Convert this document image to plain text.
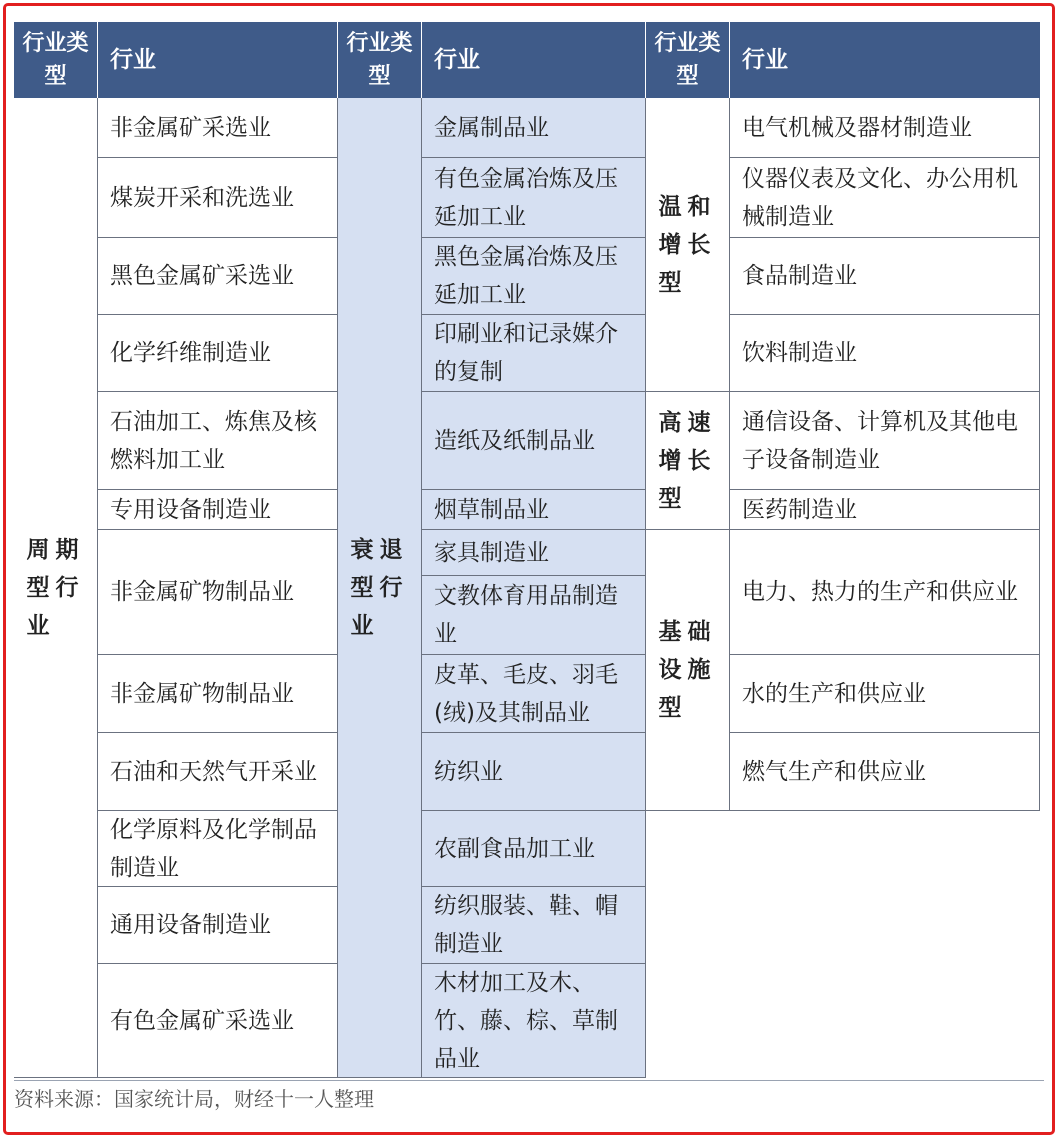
行业类型
行业
行业类型
行业
行业类型
行业
周期型行业
非金属矿采选业
煤炭开采和洗选业
黑色金属矿采选业
化学纤维制造业
石油加工、炼焦及核燃料加工业
专用设备制造业
非金属矿物制品业
非金属矿物制品业
石油和天然气开采业
化学原料及化学制品制造业
通用设备制造业
有色金属矿采选业
衰退型行业
金属制品业
有色金属冶炼及压延加工业
黑色金属冶炼及压延加工业
印刷业和记录媒介的复制
造纸及纸制品业
烟草制品业
家具制造业
文教体育用品制造业
皮革、毛皮、羽毛(绒)及其制品业
纺织业
农副食品加工业
纺织服装、鞋、帽制造业
木材加工及木、竹、藤、棕、草制品业
温和增长型
高速增长型
基础设施型
电气机械及器材制造业
仪器仪表及文化、办公用机械制造业
食品制造业
饮料制造业
通信设备、计算机及其他电子设备制造业
医药制造业
电力、热力的生产和供应业
水的生产和供应业
燃气生产和供应业
资料来源：国家统计局，财经十一人整理
